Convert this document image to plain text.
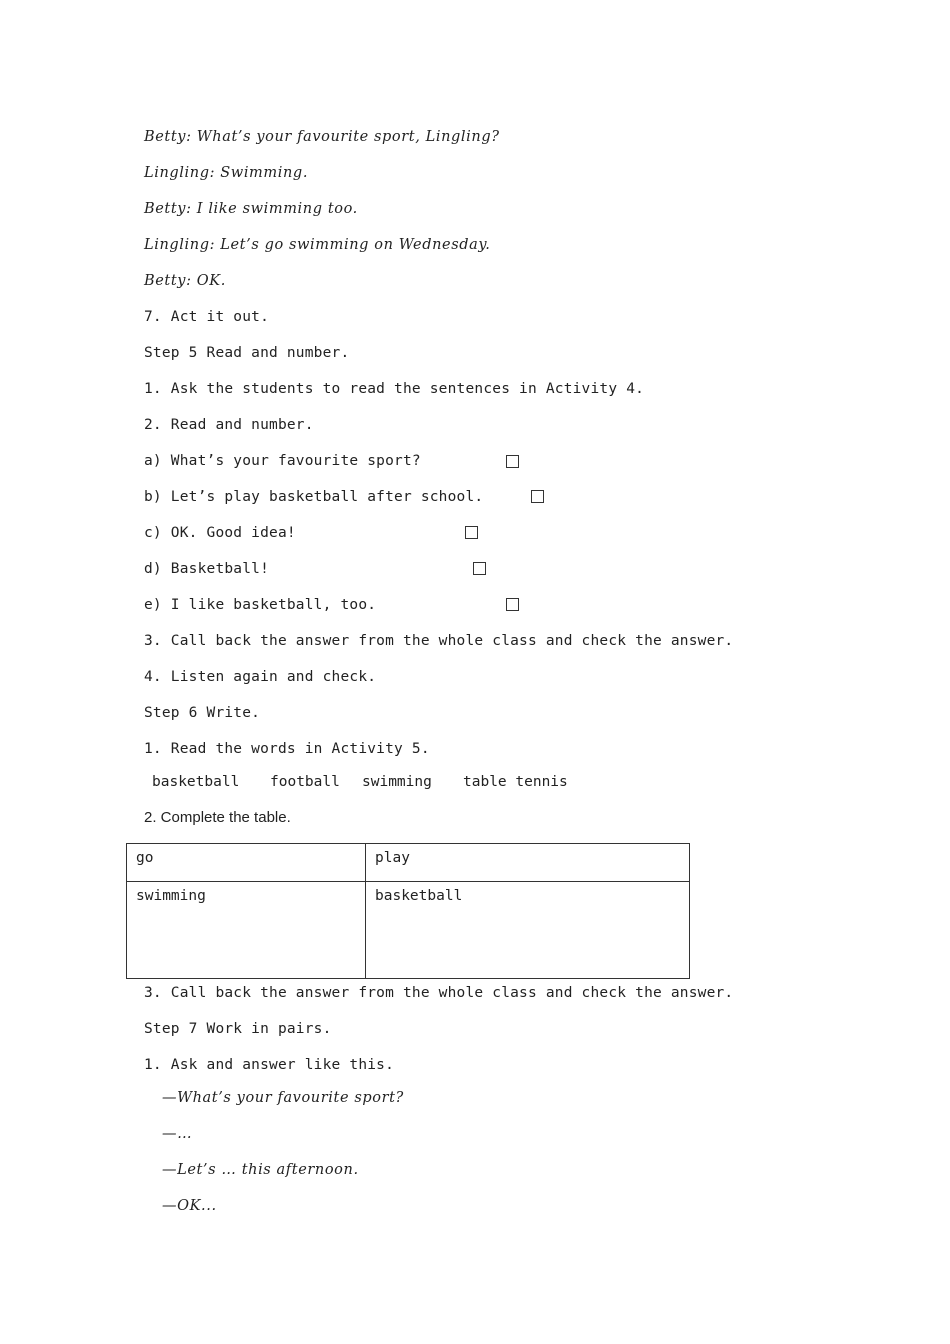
Betty: What’s your favourite sport, Lingling?
Lingling: Swimming.
Betty: I like swimming too.
Lingling: Let’s go swimming on Wednesday.
Betty: OK.
7. Act it out.
Step 5 Read and number.
1. Ask the students to read the sentences in Activity 4.
2. Read and number.
a) What’s your favourite sport?
b) Let’s play basketball after school.
c) OK. Good idea!
d) Basketball!
e) I like basketball, too.
3. Call back the answer from the whole class and check the answer.
4. Listen again and check.
Step 6 Write.
1. Read the words in Activity 5.
basketball football swimming table tennis
2. Complete the table.
go	play
swimming	basketball
3. Call back the answer from the whole class and check the answer.
Step 7 Work in pairs.
1. Ask and answer like this.
—What’s your favourite sport?
—…
—Let’s … this afternoon.
—OK...
